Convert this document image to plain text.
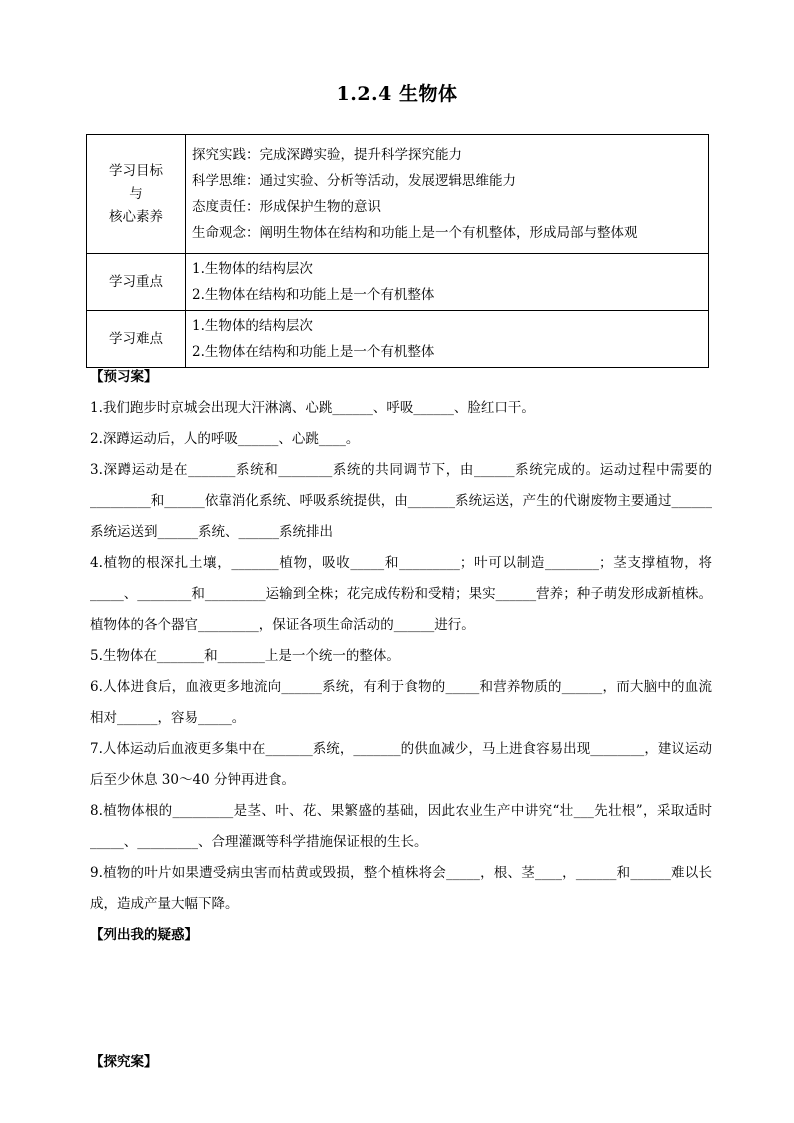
1.2.4 生物体
学习目标
与
核心素养	探究实践：完成深蹲实验，提升科学探究能力
科学思维：通过实验、分析等活动，发展逻辑思维能力
态度责任：形成保护生物的意识
生命观念：阐明生物体在结构和功能上是一个有机整体，形成局部与整体观

学习重点	1.生物体的结构层次
2.生物体在结构和功能上是一个有机整体

学习难点	1.生物体的结构层次
2.生物体在结构和功能上是一个有机整体
【预习案】
1.我们跑步时京城会出现大汗淋漓、心跳______、呼吸______、脸红口干。
2.深蹲运动后，人的呼吸______、心跳____。
3.深蹲运动是在_______系统和________系统的共同调节下，由______系统完成的。运动过程中需要的_________和______依靠消化系统、呼吸系统提供，由_______系统运送，产生的代谢废物主要通过______系统运送到______系统、______系统排出
4.植物的根深扎土壤，_______植物，吸收_____和_________；叶可以制造________；茎支撑植物，将_____、________和_________运输到全株；花完成传粉和受精；果实______营养；种子萌发形成新植株。植物体的各个器官_________，保证各项生命活动的______进行。
5.生物体在_______和_______上是一个统一的整体。
6.人体进食后，血液更多地流向______系统，有利于食物的_____和营养物质的______，而大脑中的血流相对______，容易_____。
7.人体运动后血液更多集中在_______系统，_______的供血减少，马上进食容易出现________，建议运动后至少休息 30～40 分钟再进食。
8.植物体根的_________是茎、叶、花、果繁盛的基础，因此农业生产中讲究“壮___先壮根”，采取适时_____、_________、合理灌溉等科学措施保证根的生长。
9.植物的叶片如果遭受病虫害而枯黄或毁损，整个植株将会_____，根、茎____，______和______难以长成，造成产量大幅下降。
【列出我的疑惑】
【探究案】
